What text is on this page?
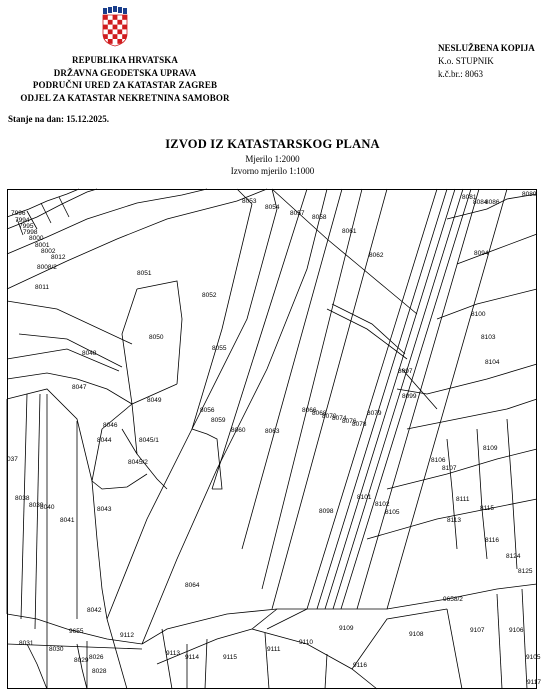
REPUBLIKA HRVATSKA
DRŽAVNA GEODETSKA UPRAVA
PODRUČNI URED ZA KATASTAR ZAGREB
ODJEL ZA KATASTAR NEKRETNINA SAMOBOR
NESLUŽBENA KOPIJA
K.o. STUPNIK
k.č.br.: 8063
Stanje na dan: 15.12.2025.
IZVOD IZ KATASTARSKOG PLANA
Mjerilo 1:2000
Izvorno mjerilo 1:1000
7996
7994
7995
7998
8000
8001
8002
8012
8008/2
8011
8053
8054
8057
8058
8061
8062
8081
8084
8086
8089
8094
8051
8052
8050
8048
8047
8049
8046
8045/1
8044
8045/2
8055
8056
8059
8060	8063
8064
8066
8068
8070
8074
8076
8078
8079
8097
8099
8100
8103
8104
8106
8107
8109
8101
8102
8105
8098
8111
8113
8115
8116
8124
8125
037
8038
8039
8040
8041
8043
8042
9658/2
9112
9109
9108
9107	9106
9105
9655
8031
8030
8029 8026
8028
9113
9114	9115
9111
9110
9116
9117
